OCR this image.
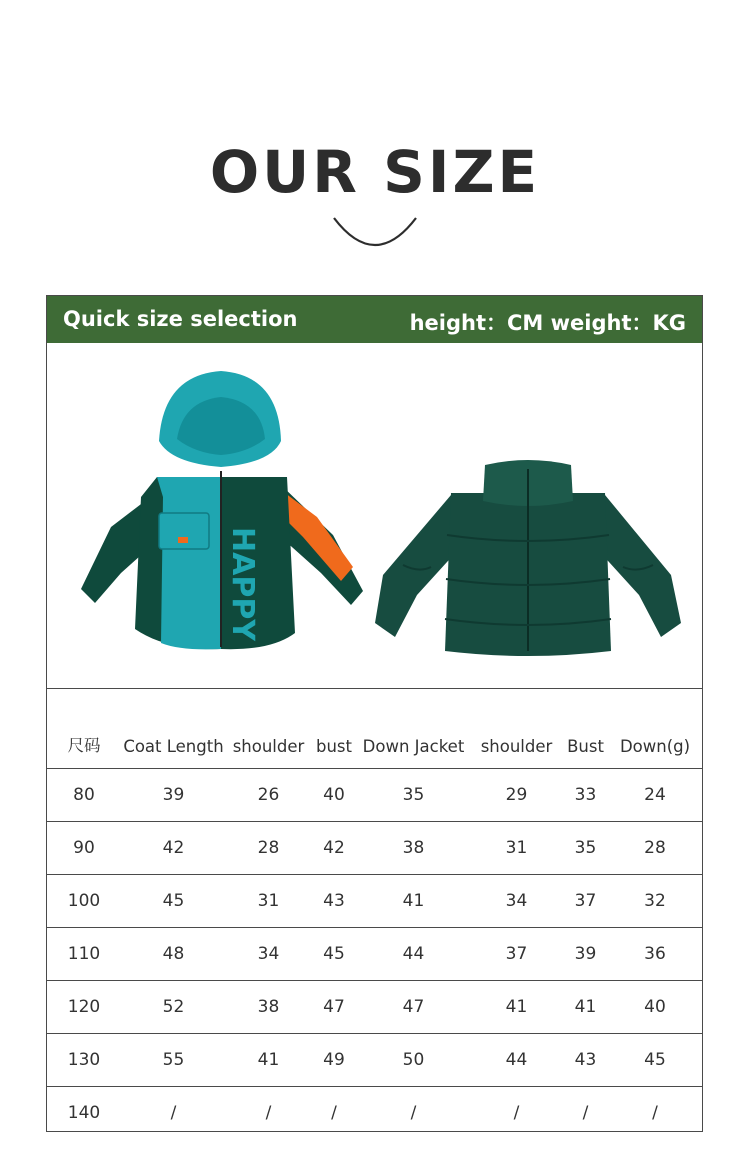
OUR SIZE
Quick size selection	height：CM weight：KG
HAPPY
尺码	Coat Length	shoulder	bust	Down Jacket	shoulder	Bust	Down(g)
80	39	26	40	35	29	33	24
90	42	28	42	38	31	35	28
100	45	31	43	41	34	37	32
110	48	34	45	44	37	39	36
120	52	38	47	47	41	41	40
130	55	41	49	50	44	43	45
140	/	/	/	/	/	/	/
